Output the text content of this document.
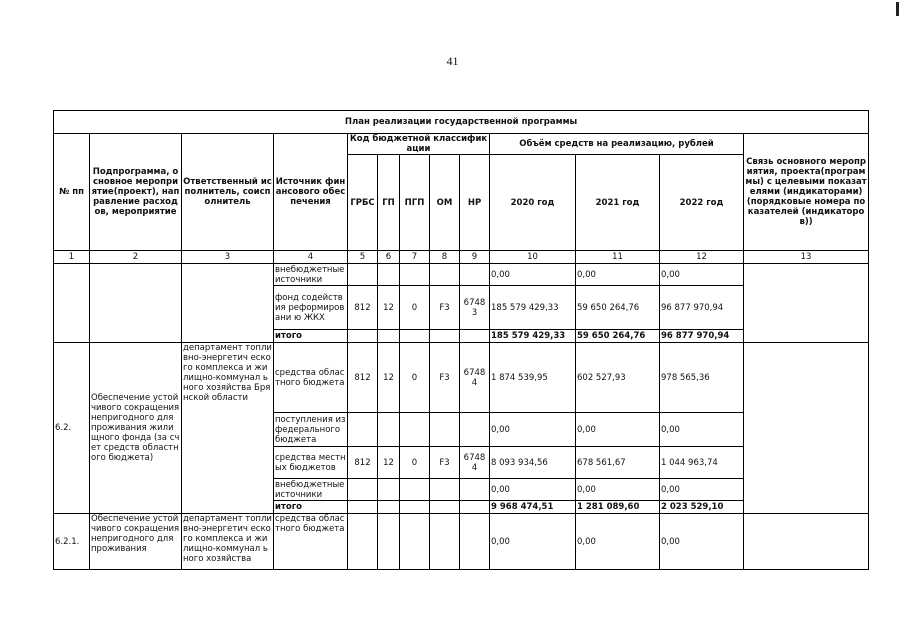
41
План реализации государственной программы												
№ пп	Подпрограмма, основное мероприятие(проект), направление расходов, мероприятие	Ответственный исполнитель, соисполнитель	Источник финансового обеспечения	Код бюджетной классификации					Объём средств на реализацию, рублей			Связь основного мероприятия, проекта(программы) с целевыми показателями (индикаторами) (порядковые номера показателей (индикаторов))
				ГРБС	ГП	ПГП	ОМ	НР	2020 год	2021 год	2022 год	
1	2	3	4	5	6	7	8	9	10	11	12	13
			внебюджетные источники						0,00	0,00	0,00	
			фонд содействия реформировани ю ЖКХ	812	12	0	F3	67483	185 579 429,33	59 650 264,76	96 877 970,94	
			итого						185 579 429,33	59 650 264,76	96 877 970,94	
6.2.	Обеспечение устойчивого сокращения непригодного для проживания жилищного фонда (за счет средств областного бюджета)	департамент топливно-энергетич еского комплекса и жилищно-коммунал ьного хозяйства Брянской области	средства областного бюджета	812	12	0	F3	67484	1 874 539,95	602 527,93	978 565,36	
			поступления из федерального бюджета						0,00	0,00	0,00	
			средства местных бюджетов	812	12	0	F3	67484	8 093 934,56	678 561,67	1 044 963,74	
			внебюджетные источники						0,00	0,00	0,00	
			итого						9 968 474,51	1 281 089,60	2 023 529,10	
6.2.1.	Обеспечение устойчивого сокращения непригодного для проживания	департамент топливно-энергетич еского комплекса и жилищно-коммунал ьного хозяйства	средства областного бюджета						0,00	0,00	0,00	
